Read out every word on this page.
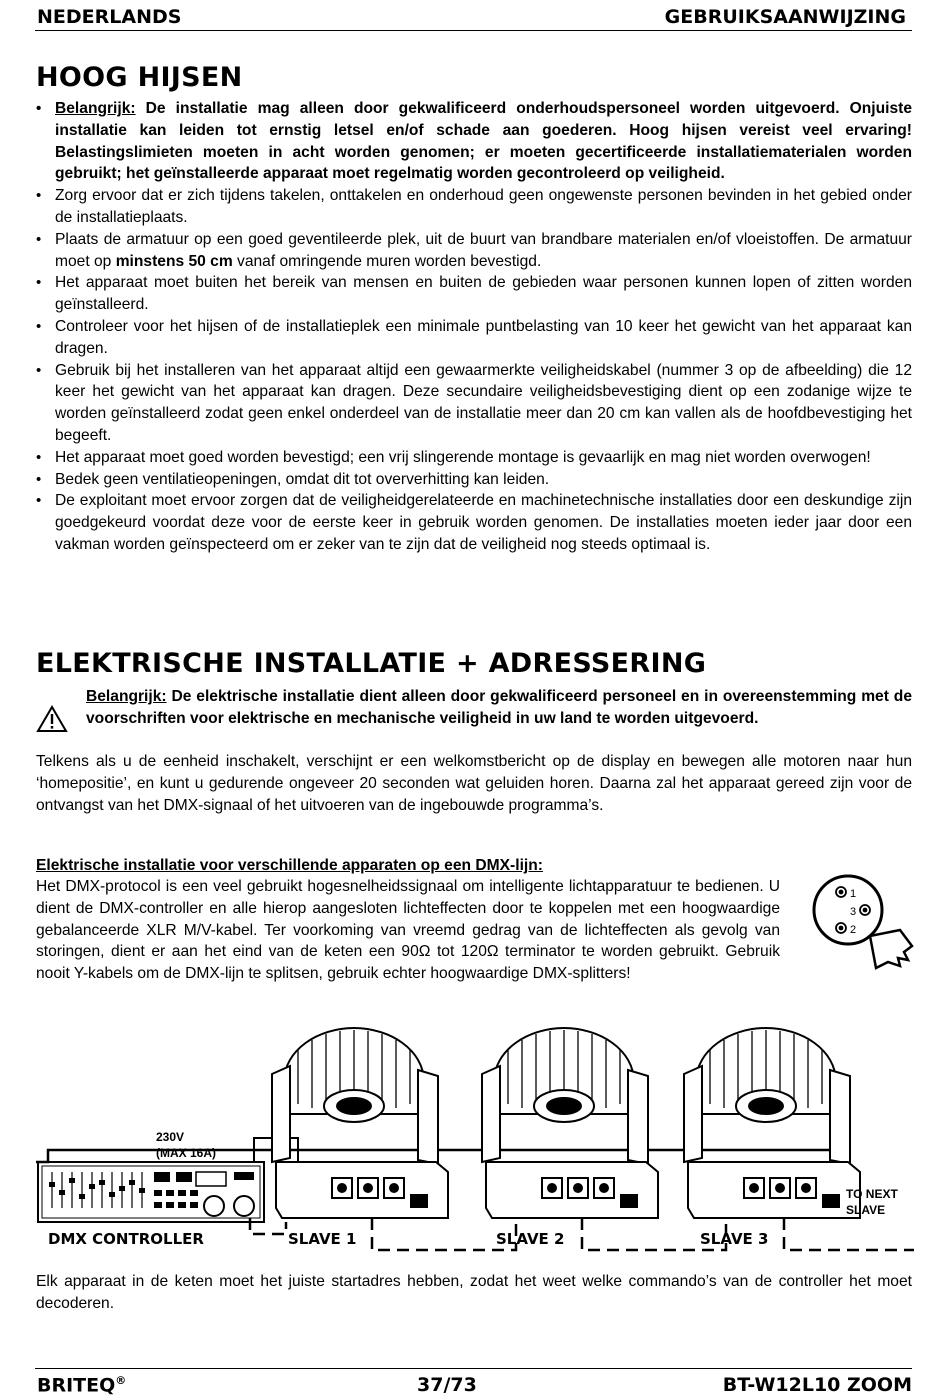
NEDERLANDS	GEBRUIKSAANWIJZING
HOOG HIJSEN
• Belangrijk: De installatie mag alleen door gekwalificeerd onderhoudspersoneel worden uitgevoerd. Onjuiste installatie kan leiden tot ernstig letsel en/of schade aan goederen. Hoog hijsen vereist veel ervaring! Belastingslimieten moeten in acht worden genomen; er moeten gecertificeerde installatiematerialen worden gebruikt; het geïnstalleerde apparaat moet regelmatig worden gecontroleerd op veiligheid.
• Zorg ervoor dat er zich tijdens takelen, onttakelen en onderhoud geen ongewenste personen bevinden in het gebied onder de installatieplaats.
• Plaats de armatuur op een goed geventileerde plek, uit de buurt van brandbare materialen en/of vloeistoffen. De armatuur moet op minstens 50 cm vanaf omringende muren worden bevestigd.
• Het apparaat moet buiten het bereik van mensen en buiten de gebieden waar personen kunnen lopen of zitten worden geïnstalleerd.
• Controleer voor het hijsen of de installatieplek een minimale puntbelasting van 10 keer het gewicht van het apparaat kan dragen.
• Gebruik bij het installeren van het apparaat altijd een gewaarmerkte veiligheidskabel (nummer 3 op de afbeelding) die 12 keer het gewicht van het apparaat kan dragen. Deze secundaire veiligheidsbevestiging dient op een zodanige wijze te worden geïnstalleerd zodat geen enkel onderdeel van de installatie meer dan 20 cm kan vallen als de hoofdbevestiging het begeeft.
• Het apparaat moet goed worden bevestigd; een vrij slingerende montage is gevaarlijk en mag niet worden overwogen!
• Bedek geen ventilatieopeningen, omdat dit tot oververhitting kan leiden.
• De exploitant moet ervoor zorgen dat de veiligheidgerelateerde en machinetechnische installaties door een deskundige zijn goedgekeurd voordat deze voor de eerste keer in gebruik worden genomen. De installaties moeten ieder jaar door een vakman worden geïnspecteerd om er zeker van te zijn dat de veiligheid nog steeds optimaal is.
ELEKTRISCHE INSTALLATIE + ADRESSERING
Belangrijk: De elektrische installatie dient alleen door gekwalificeerd personeel en in overeenstemming met de voorschriften voor elektrische en mechanische veiligheid in uw land te worden uitgevoerd.
Telkens als u de eenheid inschakelt, verschijnt er een welkomstbericht op de display en bewegen alle motoren naar hun ‘homepositie’, en kunt u gedurende ongeveer 20 seconden wat geluiden horen. Daarna zal het apparaat gereed zijn voor de ontvangst van het DMX-signaal of het uitvoeren van de ingebouwde programma’s.
Elektrische installatie voor verschillende apparaten op een DMX-lijn:
Het DMX-protocol is een veel gebruikt hogesnelheidssignaal om intelligente lichtapparatuur te bedienen. U dient de DMX-controller en alle hierop aangesloten lichteffecten door te koppelen met een hoogwaardige gebalanceerde XLR M/V-kabel. Ter voorkoming van vreemd gedrag van de lichteffecten als gevolg van storingen, dient er aan het eind van de keten een 90Ω tot 120Ω terminator te worden gebruikt. Gebruik nooit Y-kabels om de DMX-lijn te splitsen, gebruik echter hoogwaardige DMX-splitters!
1
3
2
DMX CONTROLLER
230V
(MAX 16A)
SLAVE 1	SLAVE 2	SLAVE 3
TO NEXT
SLAVE
Elk apparaat in de keten moet het juiste startadres hebben, zodat het weet welke commando’s van de controller het moet decoderen.
BRITEQ®	37/73	BT-W12L10 ZOOM
